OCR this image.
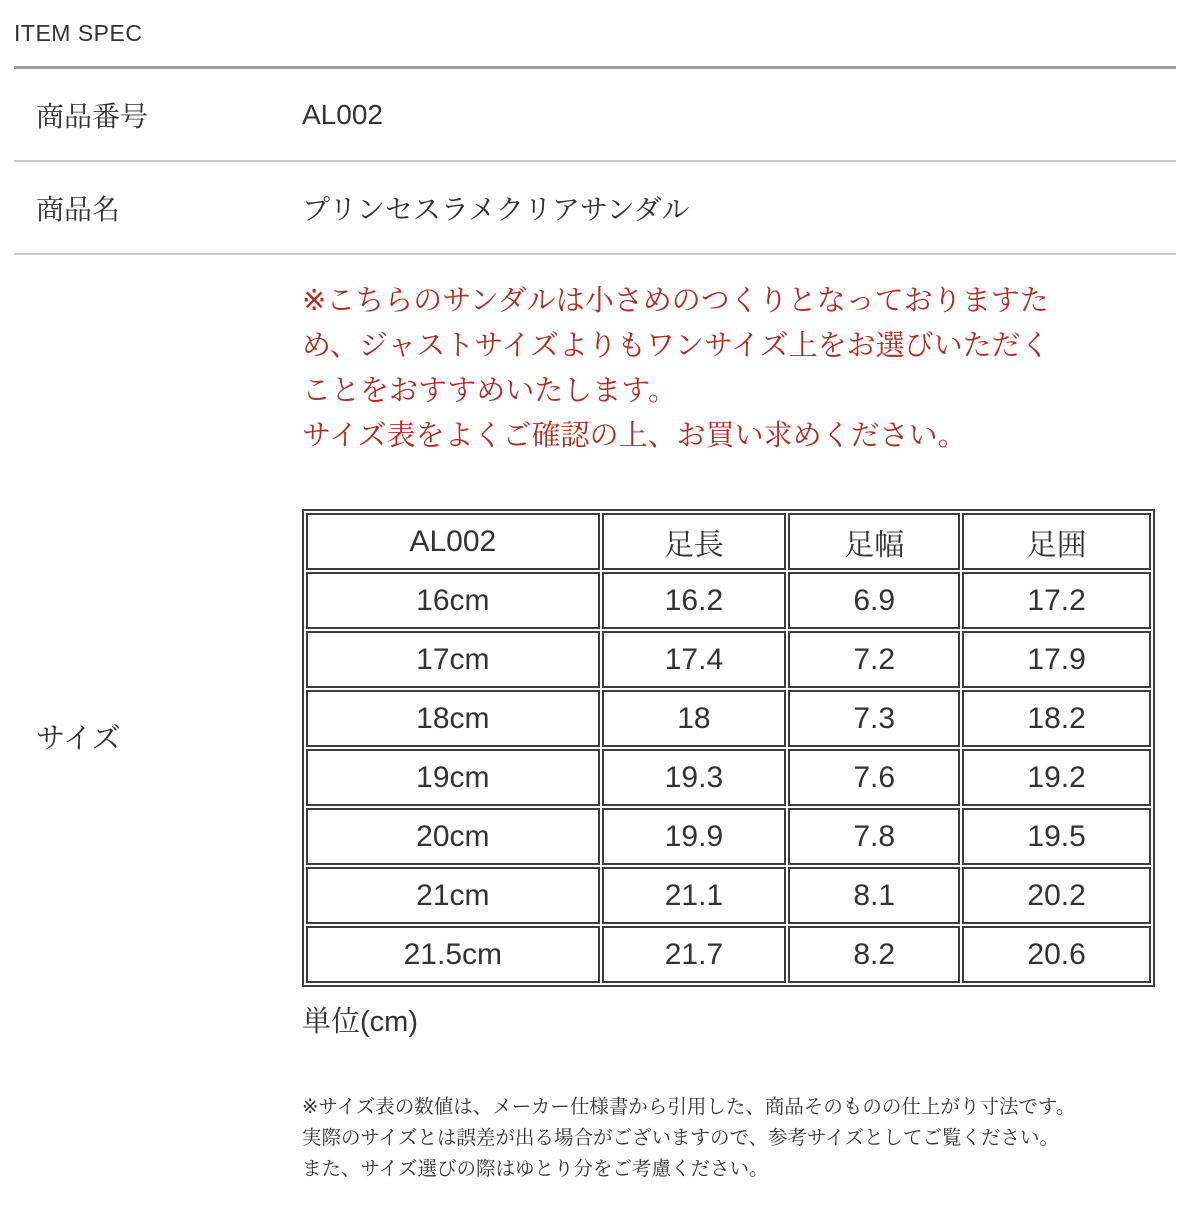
ITEM SPEC
商品番号	AL002
商品名	プリンセスラメクリアサンダル
サイズ

※こちらのサンダルは小さめのつくりとなっておりますた
め、ジャストサイズよりもワンサイズ上をお選びいただく
ことをおすすめいたします。
サイズ表をよくご確認の上、お買い求めください。

AL002	足長	足幅	足囲
16cm	16.2	6.9	17.2
17cm	17.4	7.2	17.9
18cm	18	7.3	18.2
19cm	19.3	7.6	19.2
20cm	19.9	7.8	19.5
21cm	21.1	8.1	20.2
21.5cm	21.7	8.2	20.6
単位(cm)

※サイズ表の数値は、メーカー仕様書から引用した、商品そのものの仕上がり寸法です。
実際のサイズとは誤差が出る場合がございますので、参考サイズとしてご覧ください。
また、サイズ選びの際はゆとり分をご考慮ください。
